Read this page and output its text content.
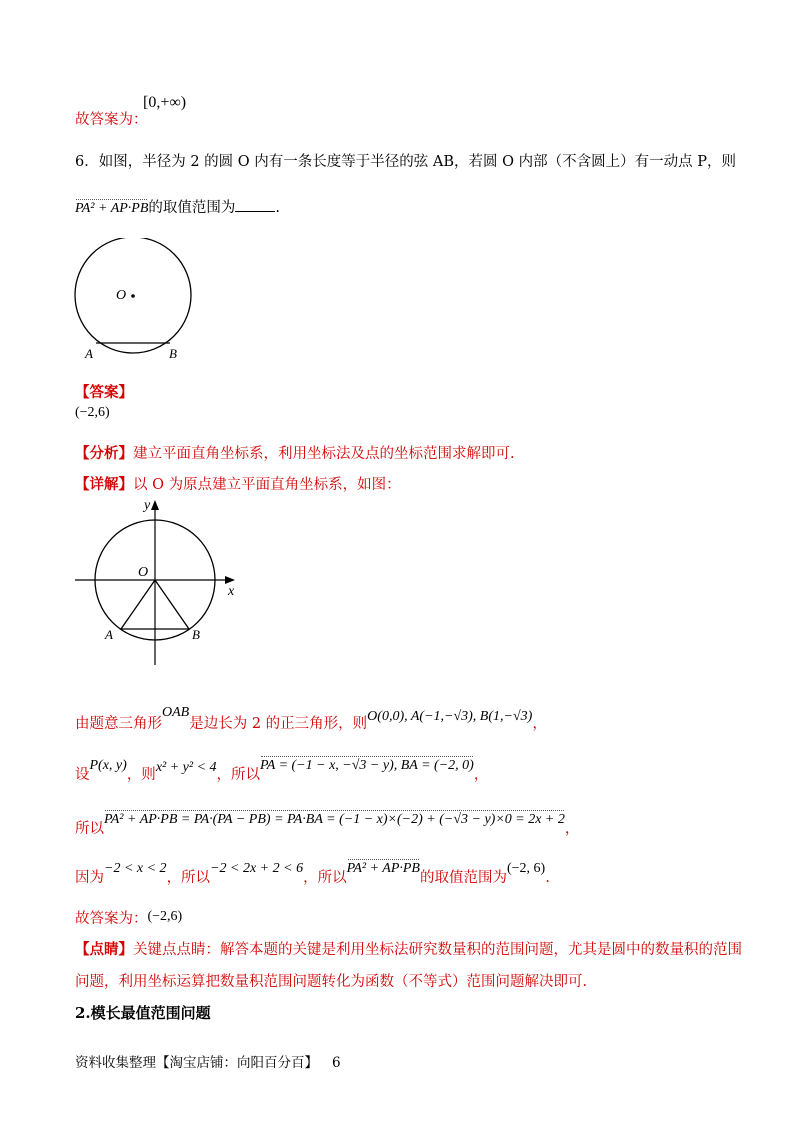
故答案为：
[0,+∞)
6．如图，半径为 2 的圆 O 内有一条长度等于半径的弦 AB，若圆 O 内部（不含圆上）有一动点 P，则
PA² + AP·PB的取值范围为	.
O
A	B
【答案】
(−2,6)
【分析】建立平面直角坐标系，利用坐标法及点的坐标范围求解即可.
【详解】以 O 为原点建立平面直角坐标系，如图：
y
x
O
A	B
由题意三角形OAB是边长为 2 的正三角形，则O(0,0), A(−1,−√3), B(1,−√3)，
设P(x, y)，则x² + y² < 4，所以PA = (−1 − x, −√3 − y), BA = (−2, 0)，
所以PA² + AP·PB = PA·(PA − PB) = PA·BA = (−1 − x)×(−2) + (−√3 − y)×0 = 2x + 2，
因为−2 < x < 2，所以−2 < 2x + 2 < 6，所以PA² + AP·PB的取值范围为(−2, 6).
故答案为：(−2,6)
【点睛】关键点点睛：解答本题的关键是利用坐标法研究数量积的范围问题，尤其是圆中的数量积的范围
问题，利用坐标运算把数量积范围问题转化为函数（不等式）范围问题解决即可.
2.模长最值范围问题
资料收集整理【淘宝店铺：向阳百分百】 6
